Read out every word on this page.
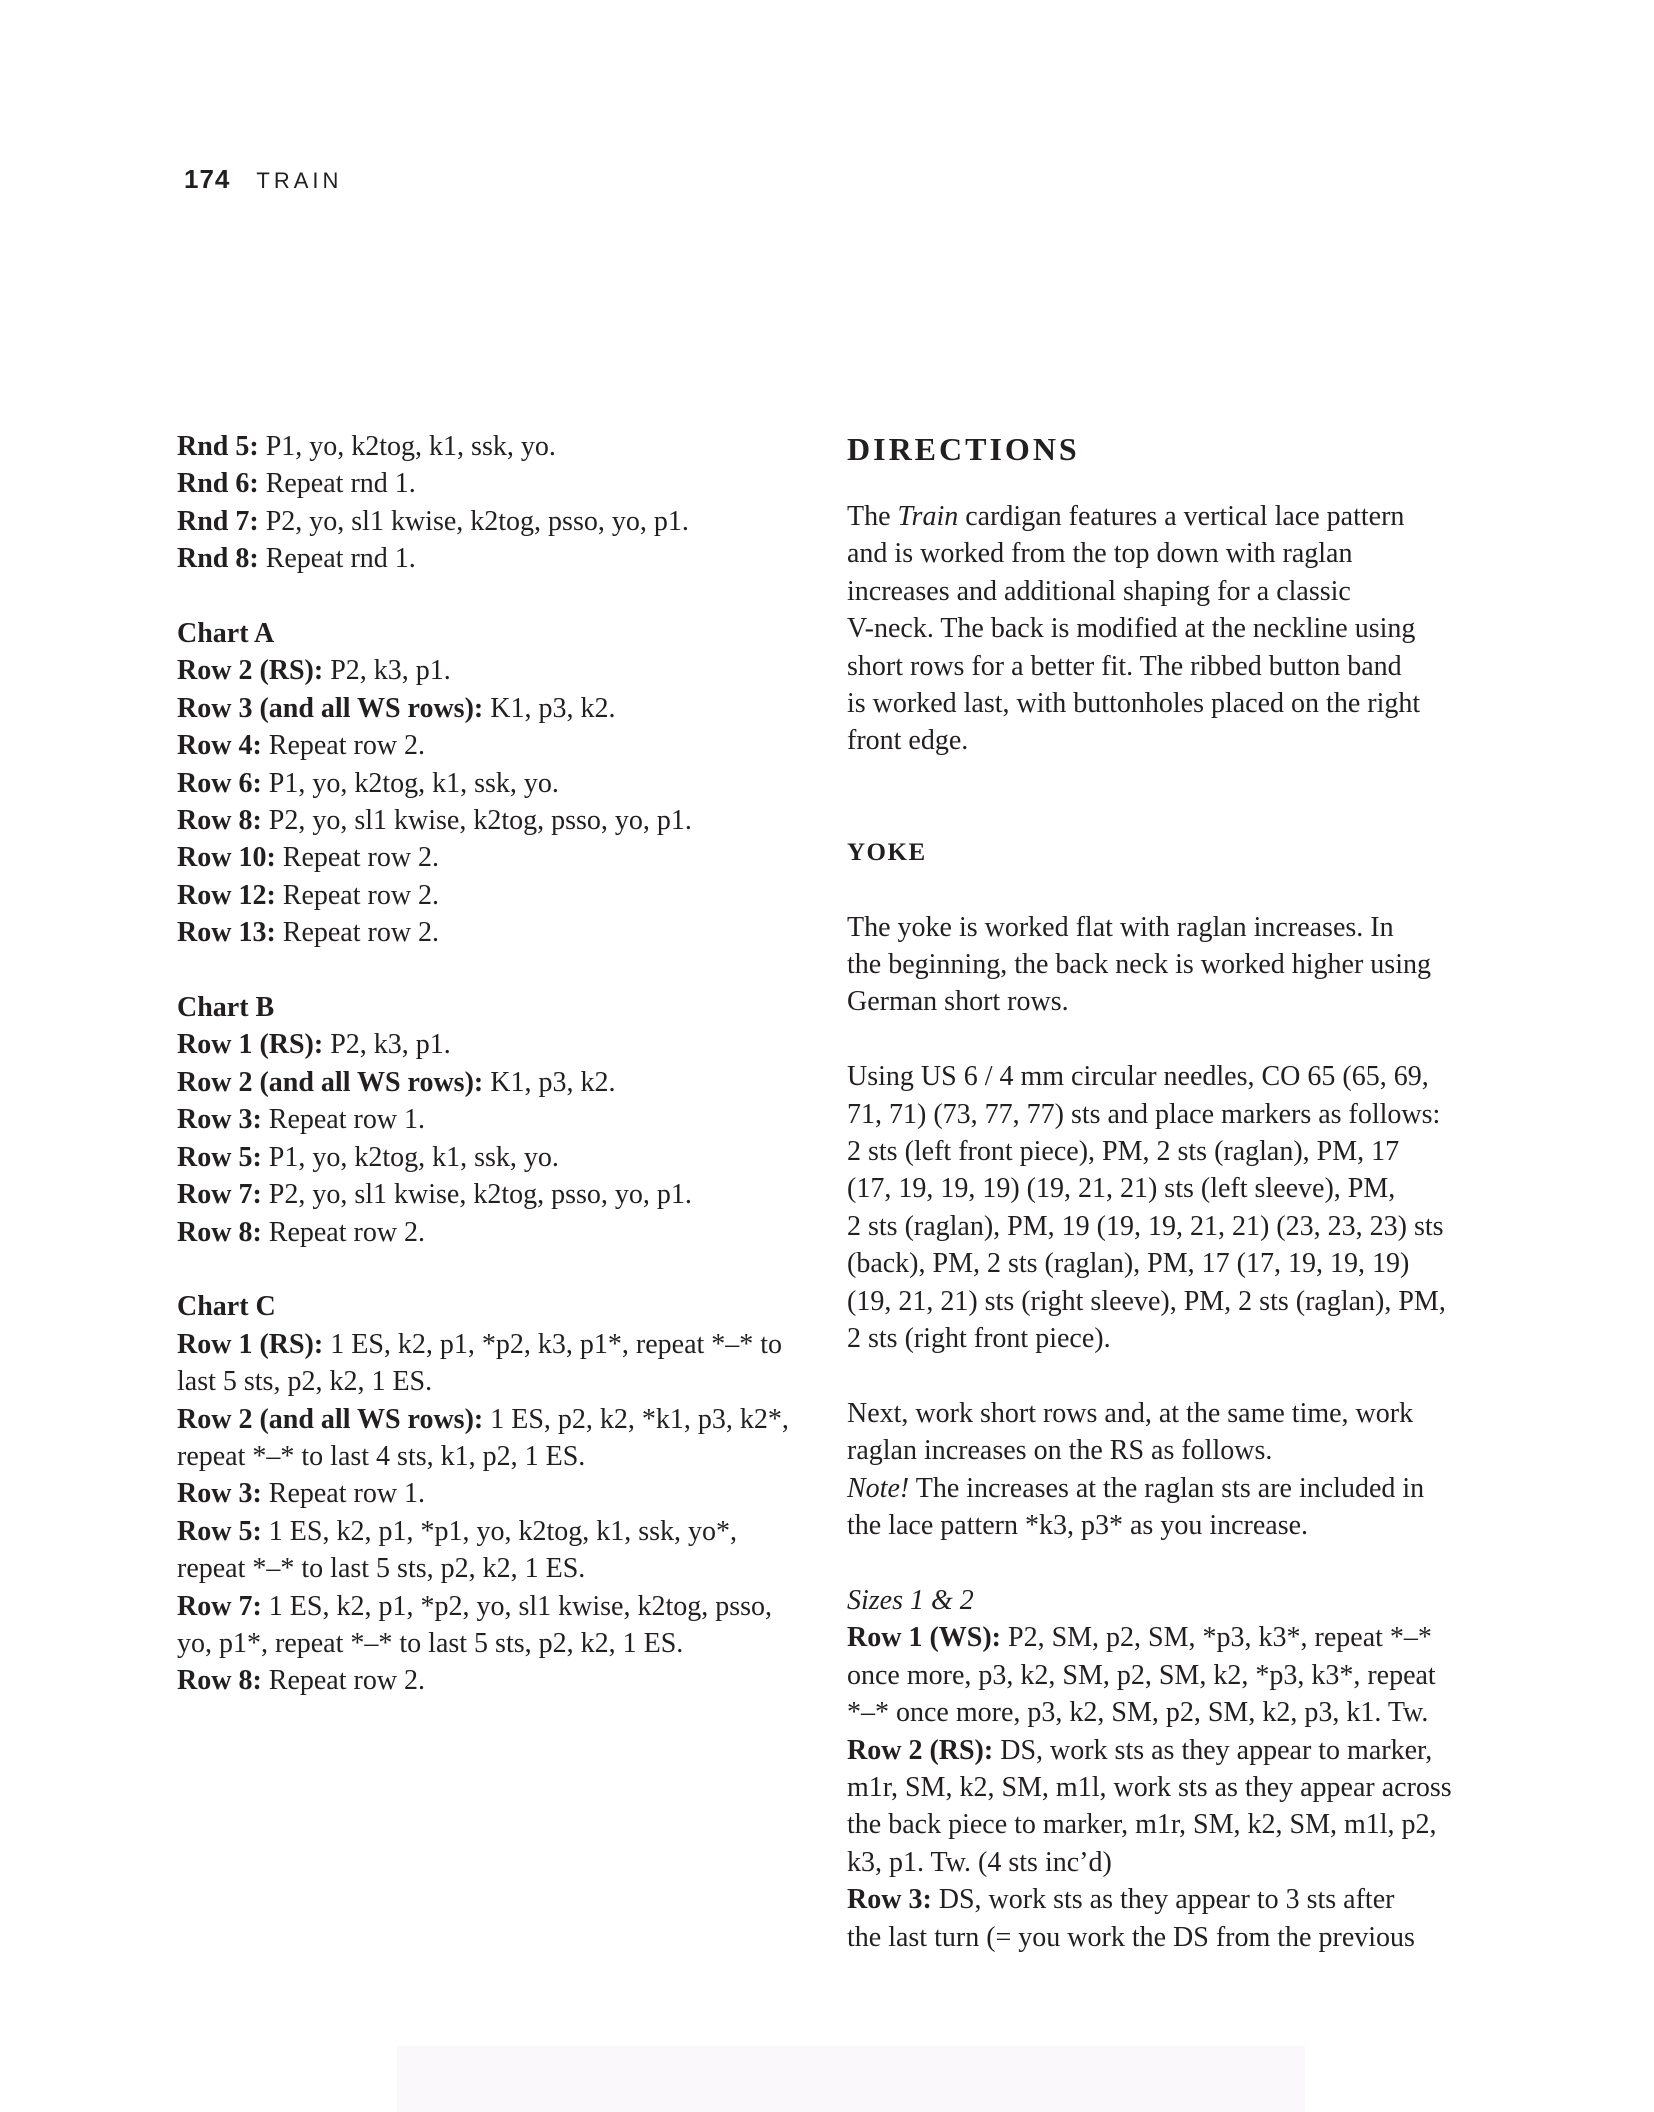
174 TRAIN
Rnd 5: P1, yo, k2tog, k1, ssk, yo.
Rnd 6: Repeat rnd 1.
Rnd 7: P2, yo, sl1 kwise, k2tog, psso, yo, p1.
Rnd 8: Repeat rnd 1.
Chart A
Row 2 (RS): P2, k3, p1.
Row 3 (and all WS rows): K1, p3, k2.
Row 4: Repeat row 2.
Row 6: P1, yo, k2tog, k1, ssk, yo.
Row 8: P2, yo, sl1 kwise, k2tog, psso, yo, p1.
Row 10: Repeat row 2.
Row 12: Repeat row 2.
Row 13: Repeat row 2.
Chart B
Row 1 (RS): P2, k3, p1.
Row 2 (and all WS rows): K1, p3, k2.
Row 3: Repeat row 1.
Row 5: P1, yo, k2tog, k1, ssk, yo.
Row 7: P2, yo, sl1 kwise, k2tog, psso, yo, p1.
Row 8: Repeat row 2.
Chart C
Row 1 (RS): 1 ES, k2, p1, *p2, k3, p1*, repeat *–* to
last 5 sts, p2, k2, 1 ES.
Row 2 (and all WS rows): 1 ES, p2, k2, *k1, p3, k2*,
repeat *–* to last 4 sts, k1, p2, 1 ES.
Row 3: Repeat row 1.
Row 5: 1 ES, k2, p1, *p1, yo, k2tog, k1, ssk, yo*,
repeat *–* to last 5 sts, p2, k2, 1 ES.
Row 7: 1 ES, k2, p1, *p2, yo, sl1 kwise, k2tog, psso,
yo, p1*, repeat *–* to last 5 sts, p2, k2, 1 ES.
Row 8: Repeat row 2.
DIRECTIONS
The Train cardigan features a vertical lace pattern
and is worked from the top down with raglan
increases and additional shaping for a classic
V-neck. The back is modified at the neckline using
short rows for a better fit. The ribbed button band
is worked last, with buttonholes placed on the right
front edge.
YOKE
The yoke is worked flat with raglan increases. In
the beginning, the back neck is worked higher using
German short rows.
Using US 6 / 4 mm circular needles, CO 65 (65, 69,
71, 71) (73, 77, 77) sts and place markers as follows:
2 sts (left front piece), PM, 2 sts (raglan), PM, 17
(17, 19, 19, 19) (19, 21, 21) sts (left sleeve), PM,
2 sts (raglan), PM, 19 (19, 19, 21, 21) (23, 23, 23) sts
(back), PM, 2 sts (raglan), PM, 17 (17, 19, 19, 19)
(19, 21, 21) sts (right sleeve), PM, 2 sts (raglan), PM,
2 sts (right front piece).
Next, work short rows and, at the same time, work
raglan increases on the RS as follows.
Note! The increases at the raglan sts are included in
the lace pattern *k3, p3* as you increase.
Sizes 1 & 2
Row 1 (WS): P2, SM, p2, SM, *p3, k3*, repeat *–*
once more, p3, k2, SM, p2, SM, k2, *p3, k3*, repeat
*–* once more, p3, k2, SM, p2, SM, k2, p3, k1. Tw.
Row 2 (RS): DS, work sts as they appear to marker,
m1r, SM, k2, SM, m1l, work sts as they appear across
the back piece to marker, m1r, SM, k2, SM, m1l, p2,
k3, p1. Tw. (4 sts inc’d)
Row 3: DS, work sts as they appear to 3 sts after
the last turn (= you work the DS from the previous
